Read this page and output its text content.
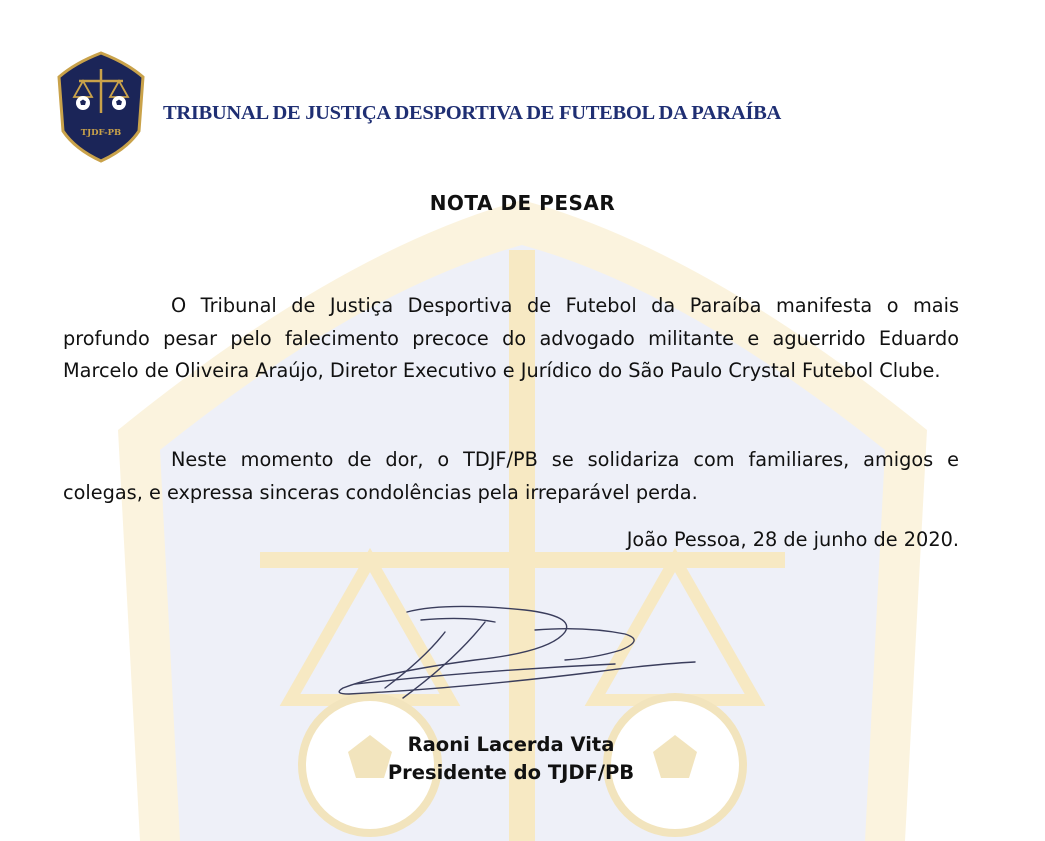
TJDF-PB
TRIBUNAL DE JUSTIÇA DESPORTIVA DE FUTEBOL DA PARAÍBA
NOTA DE PESAR

O Tribunal de Justiça Desportiva de Futebol da Paraíba manifesta o mais profundo pesar pelo falecimento precoce do advogado militante e aguerrido Eduardo Marcelo de Oliveira Araújo, Diretor Executivo e Jurídico do São Paulo Crystal Futebol Clube.

Neste momento de dor, o TDJF/PB se solidariza com familiares, amigos e colegas, e expressa sinceras condolências pela irreparável perda.

João Pessoa, 28 de junho de 2020.
Raoni Lacerda Vita
Presidente do TJDF/PB
